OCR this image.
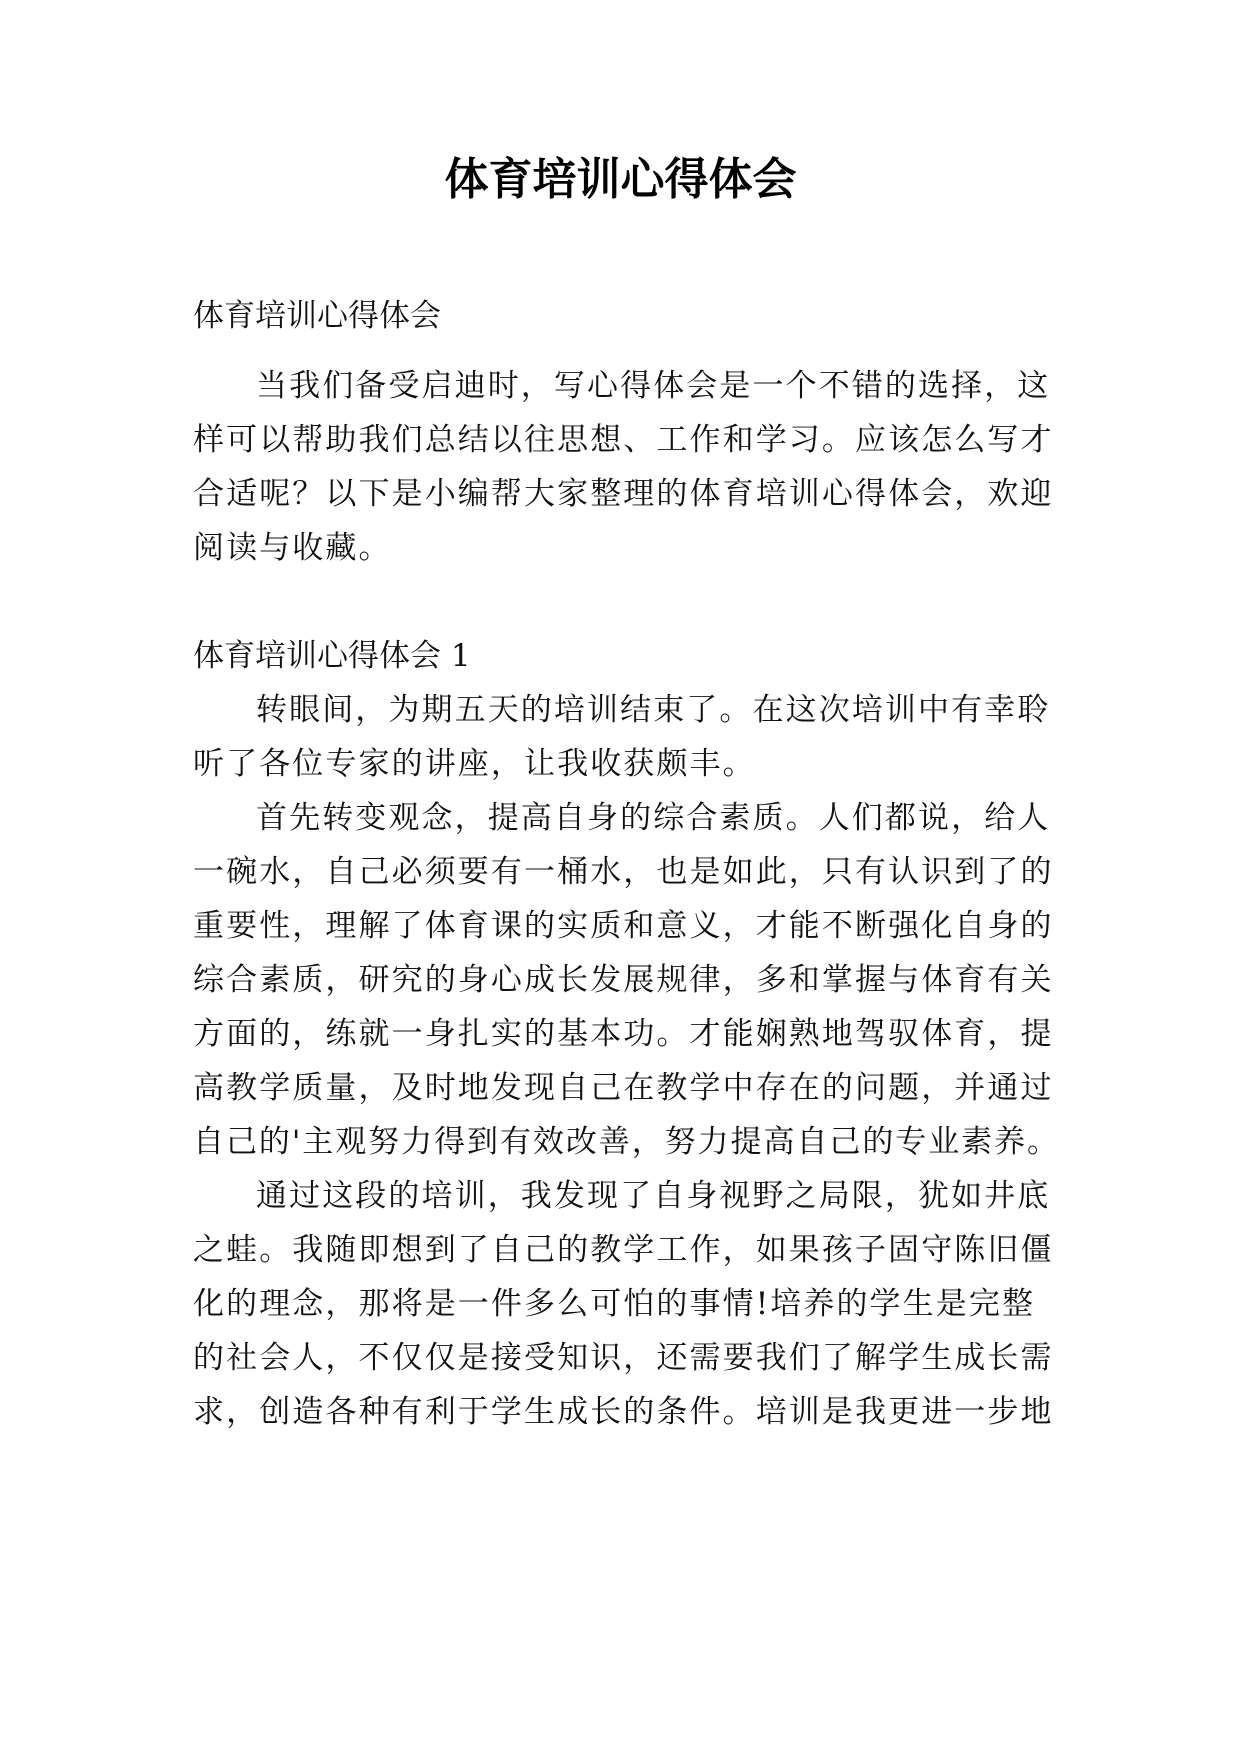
体育培训心得体会
体育培训心得体会
当我们备受启迪时，写心得体会是一个不错的选择，这
样可以帮助我们总结以往思想、工作和学习。应该怎么写才
合适呢？以下是小编帮大家整理的体育培训心得体会，欢迎
阅读与收藏。
体育培训心得体会 1
转眼间，为期五天的培训结束了。在这次培训中有幸聆
听了各位专家的讲座，让我收获颇丰。
首先转变观念，提高自身的综合素质。人们都说，给人
一碗水，自己必须要有一桶水，也是如此，只有认识到了的
重要性，理解了体育课的实质和意义，才能不断强化自身的
综合素质，研究的身心成长发展规律，多和掌握与体育有关
方面的，练就一身扎实的基本功。才能娴熟地驾驭体育，提
高教学质量，及时地发现自己在教学中存在的问题，并通过
自己的'主观努力得到有效改善，努力提高自己的专业素养。
通过这段的培训，我发现了自身视野之局限，犹如井底
之蛙。我随即想到了自己的教学工作，如果孩子固守陈旧僵
化的理念，那将是一件多么可怕的事情!培养的学生是完整
的社会人，不仅仅是接受知识，还需要我们了解学生成长需
求，创造各种有利于学生成长的条件。培训是我更进一步地
